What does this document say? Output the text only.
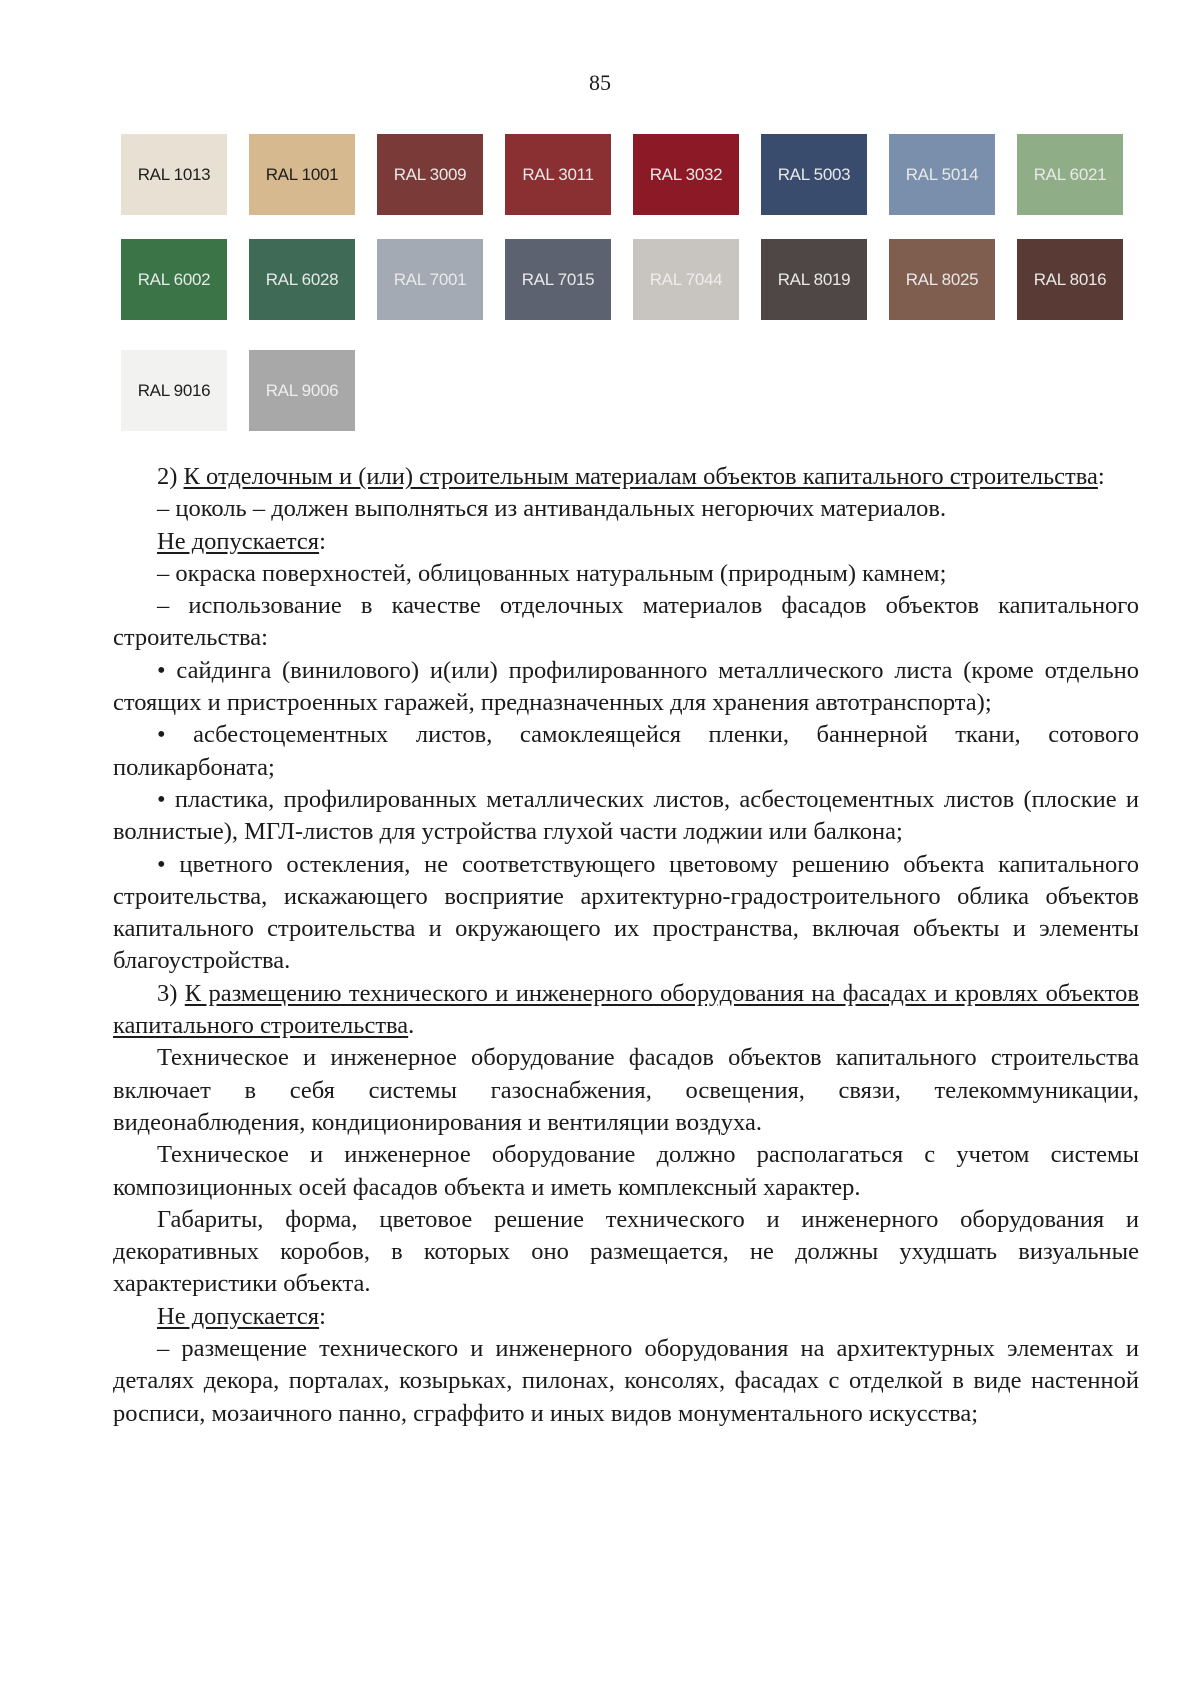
85
RAL 1013	RAL 1001	RAL 3009	RAL 3011	RAL 3032	RAL 5003	RAL 5014	RAL 6021
RAL 6002	RAL 6028	RAL 7001	RAL 7015	RAL 7044	RAL 8019	RAL 8025	RAL 8016
RAL 9016	RAL 9006

2) К отделочным и (или) строительным материалам объектов капитального строительства:

– цоколь – должен выполняться из антивандальных негорючих материалов.

Не допускается:

– окраска поверхностей, облицованных натуральным (природным) камнем;

– использование в качестве отделочных материалов фасадов объектов капитального строительства:

• сайдинга (винилового) и(или) профилированного металлического листа (кроме отдельно стоящих и пристроенных гаражей, предназначенных для хранения автотранспорта);

• асбестоцементных листов, самоклеящейся пленки, баннерной ткани, сотового поликарбоната;

• пластика, профилированных металлических листов, асбестоцементных листов (плоские и волнистые), МГЛ-листов для устройства глухой части лоджии или балкона;

• цветного остекления, не соответствующего цветовому решению объекта капитального строительства, искажающего восприятие архитектурно-градостроительного облика объектов капитального строительства и окружающего их пространства, включая объекты и элементы благоустройства.

3) К размещению технического и инженерного оборудования на фасадах и кровлях объектов капитального строительства.

Техническое и инженерное оборудование фасадов объектов капитального строительства включает в себя системы газоснабжения, освещения, связи, телекоммуникации, видеонаблюдения, кондиционирования и вентиляции воздуха.

Техническое и инженерное оборудование должно располагаться с учетом системы композиционных осей фасадов объекта и иметь комплексный характер.

Габариты, форма, цветовое решение технического и инженерного оборудования и декоративных коробов, в которых оно размещается, не должны ухудшать визуальные характеристики объекта.

Не допускается:

– размещение технического и инженерного оборудования на архитектурных элементах и деталях декора, порталах, козырьках, пилонах, консолях, фасадах с отделкой в виде настенной росписи, мозаичного панно, сграффито и иных видов монументального искусства;
